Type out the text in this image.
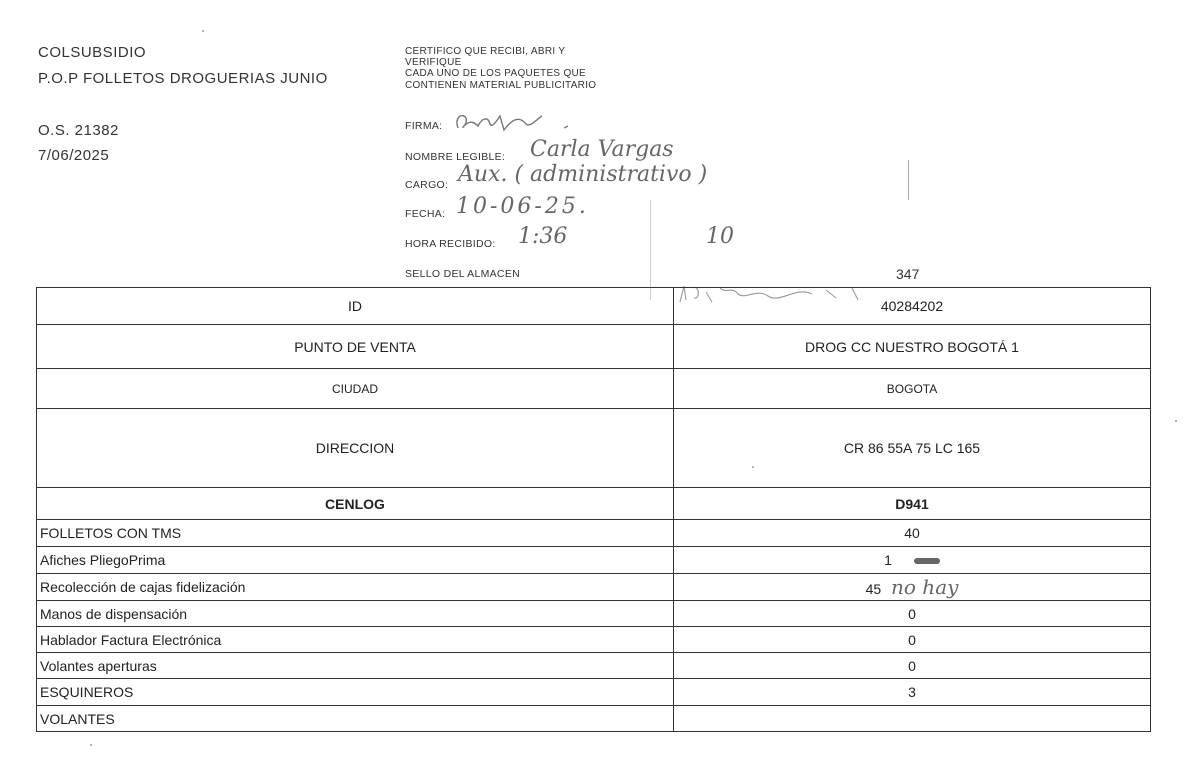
COLSUBSIDIO
P.O.P FOLLETOS DROGUERIAS JUNIO
O.S. 21382
7/06/2025
CERTIFICO QUE RECIBI, ABRI Y
VERIFIQUE
CADA UNO DE LOS PAQUETES QUE
CONTIENEN MATERIAL PUBLICITARIO
FIRMA:
NOMBRE LEGIBLE: Carla Vargas
CARGO: Aux. ( administrativo )
FECHA: 10-06-25.
HORA RECIBIDO: 1:36	10
SELLO DEL ALMACEN	347
ID	40284202
PUNTO DE VENTA	DROG CC NUESTRO BOGOTÁ 1
CIUDAD	BOGOTA
DIRECCION	CR 86 55A 75 LC 165
CENLOG	D941
FOLLETOS CON TMS	40
Afiches PliegoPrima	1
Recolección de cajas fidelización	45 no hay
Manos de dispensación	0
Hablador Factura Electrónica	0
Volantes aperturas	0
ESQUINEROS	3
VOLANTES	
